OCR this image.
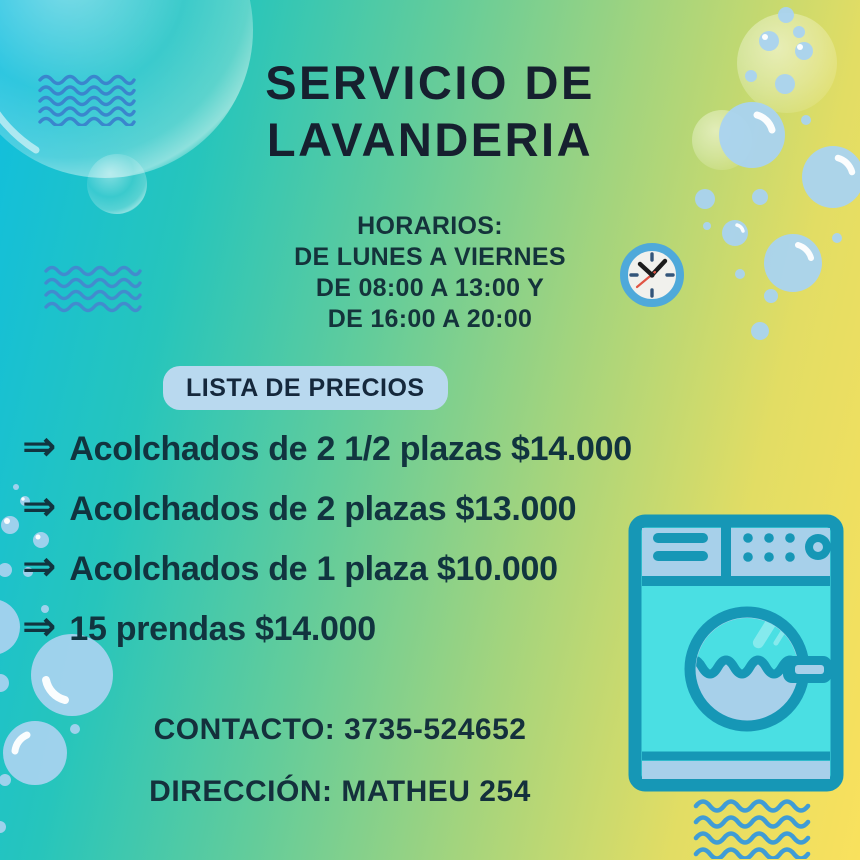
SERVICIO DE
LAVANDERIA
HORARIOS:
DE LUNES A VIERNES
DE 08:00 A 13:00 Y
DE 16:00 A 20:00
LISTA DE PRECIOS
⇒ Acolchados de 2 1/2 plazas $14.000
⇒ Acolchados de 2 plazas $13.000
⇒ Acolchados de 1 plaza $10.000
⇒ 15 prendas $14.000
CONTACTO: 3735-524652
DIRECCIÓN: MATHEU 254
